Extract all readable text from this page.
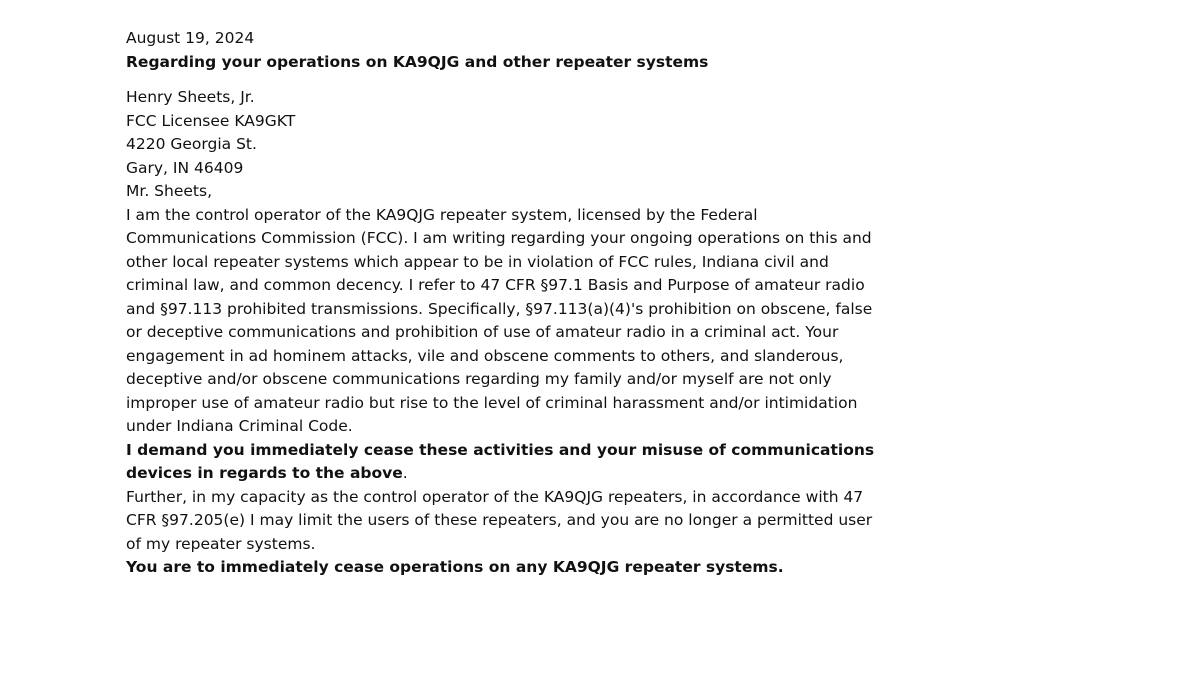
August 19, 2024

Regarding your operations on KA9QJG and other repeater systems

Henry Sheets, Jr.

FCC Licensee KA9GKT

4220 Georgia St.

Gary, IN 46409

Mr. Sheets,

I am the control operator of the KA9QJG repeater system, licensed by the Federal Communications Commission (FCC). I am writing regarding your ongoing operations on this and other local repeater systems which appear to be in violation of FCC rules, Indiana civil and criminal law, and common decency. I refer to 47 CFR §97.1 Basis and Purpose of amateur radio and §97.113 prohibited transmissions. Specifically, §97.113(a)(4)'s prohibition on obscene, false or deceptive communications and prohibition of use of amateur radio in a criminal act. Your engagement in ad hominem attacks, vile and obscene comments to others, and slanderous, deceptive and/or obscene communications regarding my family and/or myself are not only improper use of amateur radio but rise to the level of criminal harassment and/or intimidation under Indiana Criminal Code.

I demand you immediately cease these activities and your misuse of communications devices in regards to the above.

Further, in my capacity as the control operator of the KA9QJG repeaters, in accordance with 47 CFR §97.205(e) I may limit the users of these repeaters, and you are no longer a permitted user of my repeater systems.

You are to immediately cease operations on any KA9QJG repeater systems.
